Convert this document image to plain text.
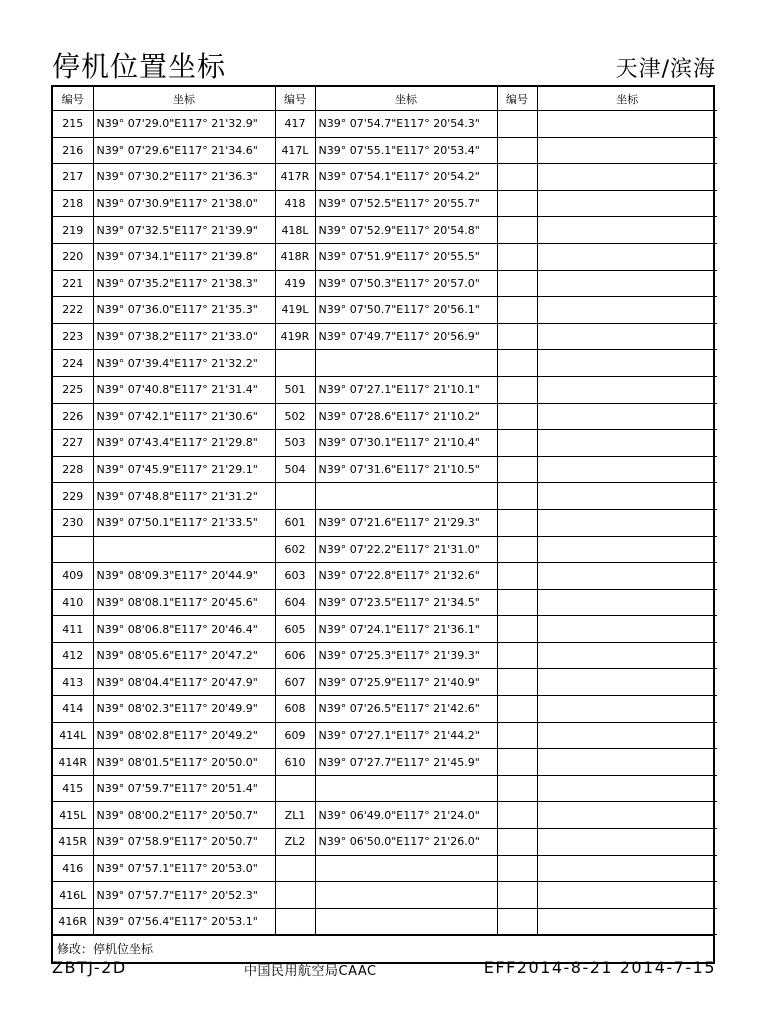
停机位置坐标	天津/滨海
编号	坐标	编号	坐标	编号	坐标
215	N39° 07'29.0"E117° 21'32.9"	417	N39° 07'54.7"E117° 20'54.3"		
216	N39° 07'29.6"E117° 21'34.6"	417L	N39° 07'55.1"E117° 20'53.4"		
217	N39° 07'30.2"E117° 21'36.3"	417R	N39° 07'54.1"E117° 20'54.2"		
218	N39° 07'30.9"E117° 21'38.0"	418	N39° 07'52.5"E117° 20'55.7"		
219	N39° 07'32.5"E117° 21'39.9"	418L	N39° 07'52.9"E117° 20'54.8"		
220	N39° 07'34.1"E117° 21'39.8"	418R	N39° 07'51.9"E117° 20'55.5"		
221	N39° 07'35.2"E117° 21'38.3"	419	N39° 07'50.3"E117° 20'57.0"		
222	N39° 07'36.0"E117° 21'35.3"	419L	N39° 07'50.7"E117° 20'56.1"		
223	N39° 07'38.2"E117° 21'33.0"	419R	N39° 07'49.7"E117° 20'56.9"		
224	N39° 07'39.4"E117° 21'32.2"				
225	N39° 07'40.8"E117° 21'31.4"	501	N39° 07'27.1"E117° 21'10.1"		
226	N39° 07'42.1"E117° 21'30.6"	502	N39° 07'28.6"E117° 21'10.2"		
227	N39° 07'43.4"E117° 21'29.8"	503	N39° 07'30.1"E117° 21'10.4"		
228	N39° 07'45.9"E117° 21'29.1"	504	N39° 07'31.6"E117° 21'10.5"		
229	N39° 07'48.8"E117° 21'31.2"				
230	N39° 07'50.1"E117° 21'33.5"	601	N39° 07'21.6"E117° 21'29.3"		
		602	N39° 07'22.2"E117° 21'31.0"		
409	N39° 08'09.3"E117° 20'44.9"	603	N39° 07'22.8"E117° 21'32.6"		
410	N39° 08'08.1"E117° 20'45.6"	604	N39° 07'23.5"E117° 21'34.5"		
411	N39° 08'06.8"E117° 20'46.4"	605	N39° 07'24.1"E117° 21'36.1"		
412	N39° 08'05.6"E117° 20'47.2"	606	N39° 07'25.3"E117° 21'39.3"		
413	N39° 08'04.4"E117° 20'47.9"	607	N39° 07'25.9"E117° 21'40.9"		
414	N39° 08'02.3"E117° 20'49.9"	608	N39° 07'26.5"E117° 21'42.6"		
414L	N39° 08'02.8"E117° 20'49.2"	609	N39° 07'27.1"E117° 21'44.2"		
414R	N39° 08'01.5"E117° 20'50.0"	610	N39° 07'27.7"E117° 21'45.9"		
415	N39° 07'59.7"E117° 20'51.4"				
415L	N39° 08'00.2"E117° 20'50.7"	ZL1	N39° 06'49.0"E117° 21'24.0"		
415R	N39° 07'58.9"E117° 20'50.7"	ZL2	N39° 06'50.0"E117° 21'26.0"		
416	N39° 07'57.1"E117° 20'53.0"				
416L	N39° 07'57.7"E117° 20'52.3"				
416R	N39° 07'56.4"E117° 20'53.1"				
修改：停机位坐标
ZBTJ-2D	中国民用航空局CAAC	EFF2014-8-21 2014-7-15
